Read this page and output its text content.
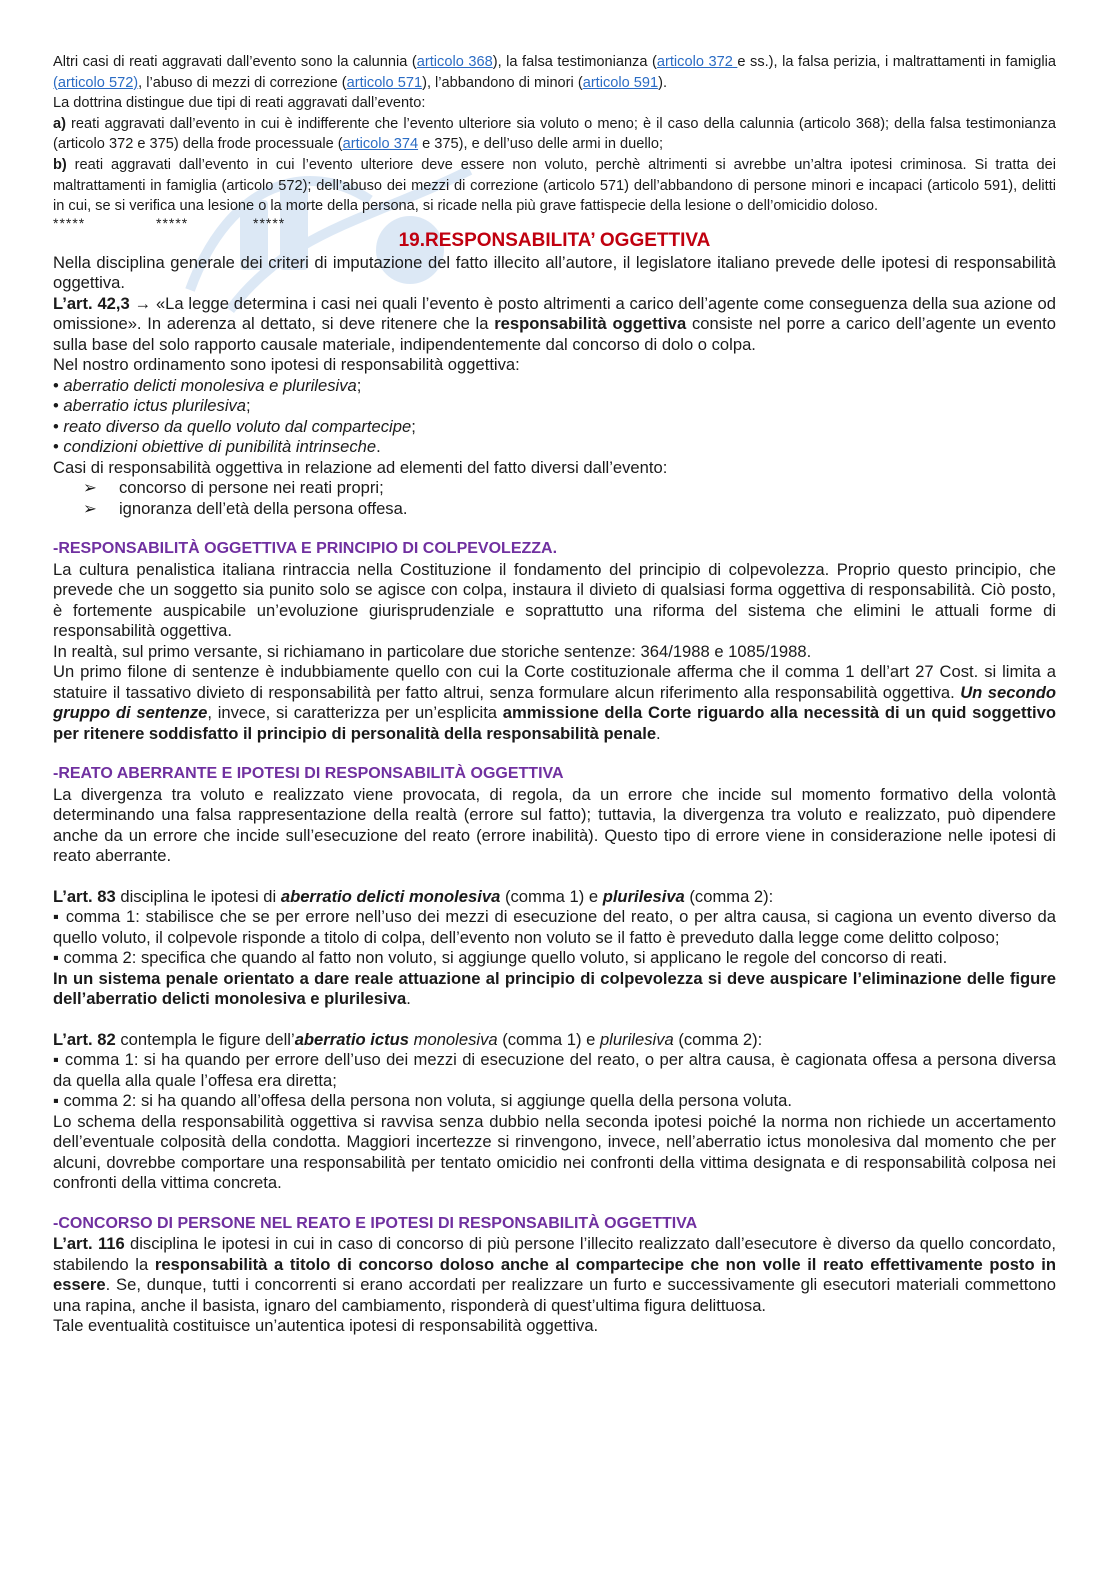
Altri casi di reati aggravati dall’evento sono la calunnia (articolo 368), la falsa testimonianza (articolo 372 e ss.), la falsa perizia, i maltrattamenti in famiglia (articolo 572), l’abuso di mezzi di correzione (articolo 571), l’abbandono di minori (articolo 591).

La dottrina distingue due tipi di reati aggravati dall’evento:

a) reati aggravati dall’evento in cui è indifferente che l’evento ulteriore sia voluto o meno; è il caso della calunnia (articolo 368); della falsa testimonianza (articolo 372 e 375) della frode processuale (articolo 374 e 375), e dell’uso delle armi in duello;

b) reati aggravati dall’evento in cui l’evento ulteriore deve essere non voluto, perchè altrimenti si avrebbe un’altra ipotesi criminosa. Si tratta dei maltrattamenti in famiglia (articolo 572); dell’abuso dei mezzi di correzione (articolo 571) dell’abbandono di persone minori e incapaci (articolo 591), delitti in cui, se si verifica una lesione o la morte della persona, si ricade nella più grave fattispecie della lesione o dell’omicidio doloso.

*****	*****	*****
19.RESPONSABILITA’ OGGETTIVA

Nella disciplina generale dei criteri di imputazione del fatto illecito all’autore, il legislatore italiano prevede delle ipotesi di responsabilità oggettiva.

L’art. 42,3 → «La legge determina i casi nei quali l’evento è posto altrimenti a carico dell’agente come conseguenza della sua azione od omissione». In aderenza al dettato, si deve ritenere che la responsabilità oggettiva consiste nel porre a carico dell’agente un evento sulla base del solo rapporto causale materiale, indipendentemente dal concorso di dolo o colpa.

Nel nostro ordinamento sono ipotesi di responsabilità oggettiva:

• aberratio delicti monolesiva e plurilesiva;

• aberratio ictus plurilesiva;

• reato diverso da quello voluto dal compartecipe;

• condizioni obiettive di punibilità intrinseche.

Casi di responsabilità oggettiva in relazione ad elementi del fatto diversi dall’evento:

➢	concorso di persone nei reati propri;
➢	ignoranza dell’età della persona offesa.
-RESPONSABILITÀ OGGETTIVA E PRINCIPIO DI COLPEVOLEZZA.

La cultura penalistica italiana rintraccia nella Costituzione il fondamento del principio di colpevolezza. Proprio questo principio, che prevede che un soggetto sia punito solo se agisce con colpa, instaura il divieto di qualsiasi forma oggettiva di responsabilità. Ciò posto, è fortemente auspicabile un’evoluzione giurisprudenziale e soprattutto una riforma del sistema che elimini le attuali forme di responsabilità oggettiva.

In realtà, sul primo versante, si richiamano in particolare due storiche sentenze: 364/1988 e 1085/1988.

Un primo filone di sentenze è indubbiamente quello con cui la Corte costituzionale afferma che il comma 1 dell’art 27 Cost. si limita a statuire il tassativo divieto di responsabilità per fatto altrui, senza formulare alcun riferimento alla responsabilità oggettiva. Un secondo gruppo di sentenze, invece, si caratterizza per un’esplicita ammissione della Corte riguardo alla necessità di un quid soggettivo per ritenere soddisfatto il principio di personalità della responsabilità penale.

-REATO ABERRANTE E IPOTESI DI RESPONSABILITÀ OGGETTIVA

La divergenza tra voluto e realizzato viene provocata, di regola, da un errore che incide sul momento formativo della volontà determinando una falsa rappresentazione della realtà (errore sul fatto); tuttavia, la divergenza tra voluto e realizzato, può dipendere anche da un errore che incide sull’esecuzione del reato (errore inabilità). Questo tipo di errore viene in considerazione nelle ipotesi di reato aberrante.

L’art. 83 disciplina le ipotesi di aberratio delicti monolesiva (comma 1) e plurilesiva (comma 2):

▪ comma 1: stabilisce che se per errore nell’uso dei mezzi di esecuzione del reato, o per altra causa, si cagiona un evento diverso da quello voluto, il colpevole risponde a titolo di colpa, dell’evento non voluto se il fatto è preveduto dalla legge come delitto colposo;

▪ comma 2: specifica che quando al fatto non voluto, si aggiunge quello voluto, si applicano le regole del concorso di reati.

In un sistema penale orientato a dare reale attuazione al principio di colpevolezza si deve auspicare l’eliminazione delle figure dell’aberratio delicti monolesiva e plurilesiva.

L’art. 82 contempla le figure dell’aberratio ictus monolesiva (comma 1) e plurilesiva (comma 2):

▪ comma 1: si ha quando per errore dell’uso dei mezzi di esecuzione del reato, o per altra causa, è cagionata offesa a persona diversa da quella alla quale l’offesa era diretta;

▪ comma 2: si ha quando all’offesa della persona non voluta, si aggiunge quella della persona voluta.

Lo schema della responsabilità oggettiva si ravvisa senza dubbio nella seconda ipotesi poiché la norma non richiede un accertamento dell’eventuale colposità della condotta. Maggiori incertezze si rinvengono, invece, nell’aberratio ictus monolesiva dal momento che per alcuni, dovrebbe comportare una responsabilità per tentato omicidio nei confronti della vittima designata e di responsabilità colposa nei confronti della vittima concreta.

-CONCORSO DI PERSONE NEL REATO E IPOTESI DI RESPONSABILITÀ OGGETTIVA

L’art. 116 disciplina le ipotesi in cui in caso di concorso di più persone l’illecito realizzato dall’esecutore è diverso da quello concordato, stabilendo la responsabilità a titolo di concorso doloso anche al compartecipe che non volle il reato effettivamente posto in essere. Se, dunque, tutti i concorrenti si erano accordati per realizzare un furto e successivamente gli esecutori materiali commettono una rapina, anche il basista, ignaro del cambiamento, risponderà di quest’ultima figura delittuosa.

Tale eventualità costituisce un’autentica ipotesi di responsabilità oggettiva.
